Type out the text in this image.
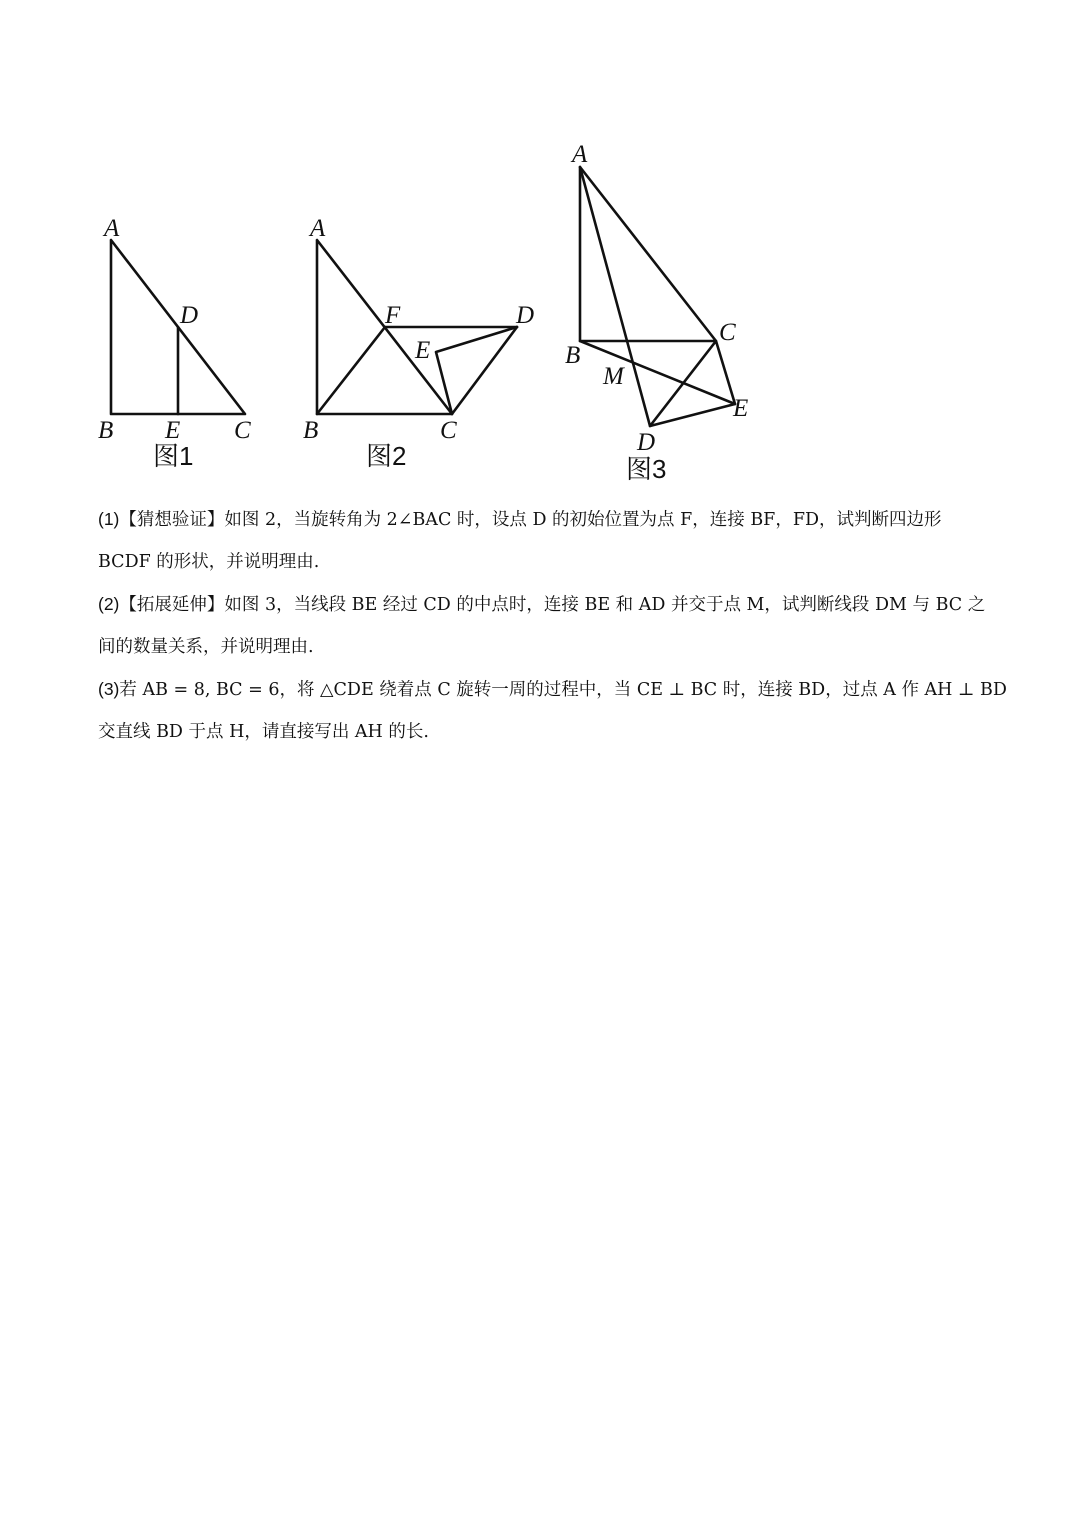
A
D
B E C
图1
A
F	D
E
B	C
图2
A
C
B
M
E
D
图3

(1)【猜想验证】如图 2，当旋转角为 2∠BAC 时，设点 D 的初始位置为点 F，连接 BF，FD，试判断四边形

BCDF 的形状，并说明理由.

(2)【拓展延伸】如图 3，当线段 BE 经过 CD 的中点时，连接 BE 和 AD 并交于点 M，试判断线段 DM 与 BC 之

间的数量关系，并说明理由.

(3)若 AB = 8, BC = 6，将 △CDE 绕着点 C 旋转一周的过程中，当 CE ⊥ BC 时，连接 BD，过点 A 作 AH ⊥ BD

交直线 BD 于点 H，请直接写出 AH 的长.
